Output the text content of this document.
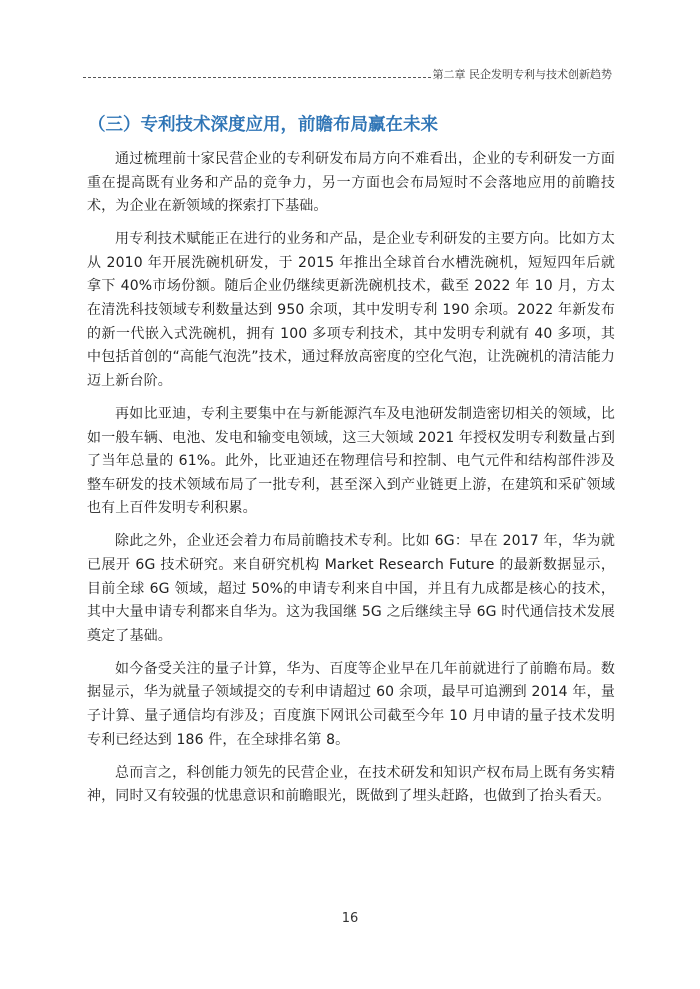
第二章 民企发明专利与技术创新趋势
（三）专利技术深度应用，前瞻布局赢在未来

通过梳理前十家民营企业的专利研发布局方向不难看出，企业的专利研发一方面重在提高既有业务和产品的竞争力，另一方面也会布局短时不会落地应用的前瞻技术，为企业在新领域的探索打下基础。

用专利技术赋能正在进行的业务和产品，是企业专利研发的主要方向。比如方太从 2010 年开展洗碗机研发，于 2015 年推出全球首台水槽洗碗机，短短四年后就拿下 40%市场份额。随后企业仍继续更新洗碗机技术，截至 2022 年 10 月，方太在清洗科技领域专利数量达到 950 余项，其中发明专利 190 余项。2022 年新发布的新一代嵌入式洗碗机，拥有 100 多项专利技术，其中发明专利就有 40 多项，其中包括首创的“高能气泡洗”技术，通过释放高密度的空化气泡，让洗碗机的清洁能力迈上新台阶。

再如比亚迪，专利主要集中在与新能源汽车及电池研发制造密切相关的领域，比如一般车辆、电池、发电和输变电领域，这三大领域 2021 年授权发明专利数量占到了当年总量的 61%。此外，比亚迪还在物理信号和控制、电气元件和结构部件涉及整车研发的技术领域布局了一批专利，甚至深入到产业链更上游，在建筑和采矿领域也有上百件发明专利积累。

除此之外，企业还会着力布局前瞻技术专利。比如 6G：早在 2017 年，华为就已展开 6G 技术研究。来自研究机构 Market Research Future 的最新数据显示，目前全球 6G 领域，超过 50%的申请专利来自中国，并且有九成都是核心的技术，其中大量申请专利都来自华为。这为我国继 5G 之后继续主导 6G 时代通信技术发展奠定了基础。

如今备受关注的量子计算，华为、百度等企业早在几年前就进行了前瞻布局。数据显示，华为就量子领域提交的专利申请超过 60 余项，最早可追溯到 2014 年，量子计算、量子通信均有涉及；百度旗下网讯公司截至今年 10 月申请的量子技术发明专利已经达到 186 件，在全球排名第 8。

总而言之，科创能力领先的民营企业，在技术研发和知识产权布局上既有务实精神，同时又有较强的忧患意识和前瞻眼光，既做到了埋头赶路，也做到了抬头看天。

16
